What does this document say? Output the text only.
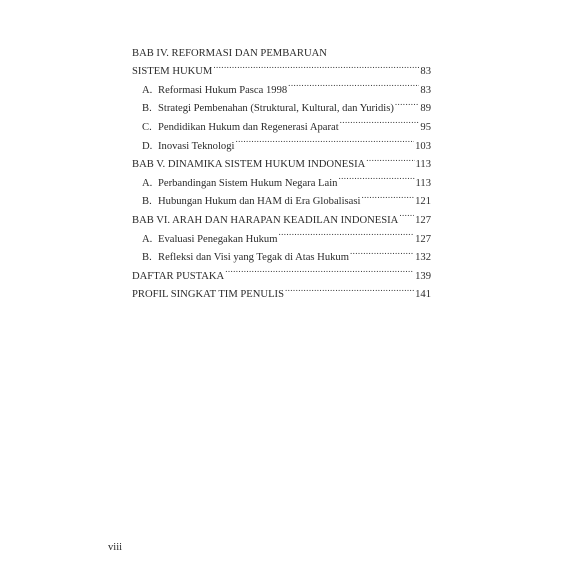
BAB IV. REFORMASI DAN PEMBARUAN
SISTEM HUKUM .....	83
A. Reformasi Hukum Pasca 1998 .....	83
B. Strategi Pembenahan (Struktural, Kultural, dan Yuridis) .....	89
C. Pendidikan Hukum dan Regenerasi Aparat .....	95
D. Inovasi Teknologi .....	103
BAB V. DINAMIKA SISTEM HUKUM INDONESIA .....	113
A. Perbandingan Sistem Hukum Negara Lain .....	113
B. Hubungan Hukum dan HAM di Era Globalisasi .....	121
BAB VI. ARAH DAN HARAPAN KEADILAN INDONESIA ..... 127
A. Evaluasi Penegakan Hukum .....	127
B. Refleksi dan Visi yang Tegak di Atas Hukum .....	132
DAFTAR PUSTAKA .....	139
PROFIL SINGKAT TIM PENULIS .....	141
viii
